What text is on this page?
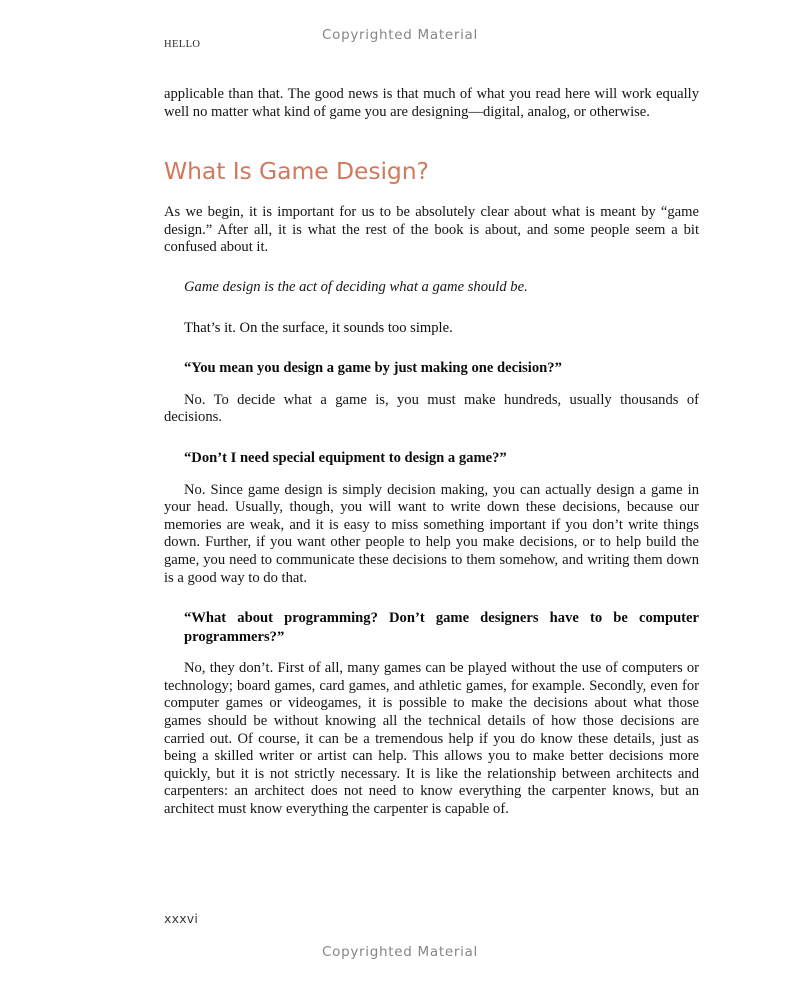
Copyrighted Material
HELLO

applicable than that. The good news is that much of what you read here will work equally well no matter what kind of game you are designing—digital, analog, or otherwise.

What Is Game Design?

As we begin, it is important for us to be absolutely clear about what is meant by “game design.” After all, it is what the rest of the book is about, and some people seem a bit confused about it.

Game design is the act of deciding what a game should be.

That’s it. On the surface, it sounds too simple.

“You mean you design a game by just making one decision?”

No. To decide what a game is, you must make hundreds, usually thousands of decisions.

“Don’t I need special equipment to design a game?”

No. Since game design is simply decision making, you can actually design a game in your head. Usually, though, you will want to write down these decisions, because our memories are weak, and it is easy to miss something important if you don’t write things down. Further, if you want other people to help you make decisions, or to help build the game, you need to communicate these decisions to them somehow, and writing them down is a good way to do that.

“What about programming? Don’t game designers have to be computer programmers?”

No, they don’t. First of all, many games can be played without the use of computers or technology; board games, card games, and athletic games, for example. Secondly, even for computer games or videogames, it is possible to make the decisions about what those games should be without knowing all the technical details of how those decisions are carried out. Of course, it can be a tremendous help if you do know these details, just as being a skilled writer or artist can help. This allows you to make better decisions more quickly, but it is not strictly necessary. It is like the relationship between architects and carpenters: an architect does not need to know everything the carpenter knows, but an architect must know everything the carpenter is capable of.

xxxvi
Copyrighted Material
